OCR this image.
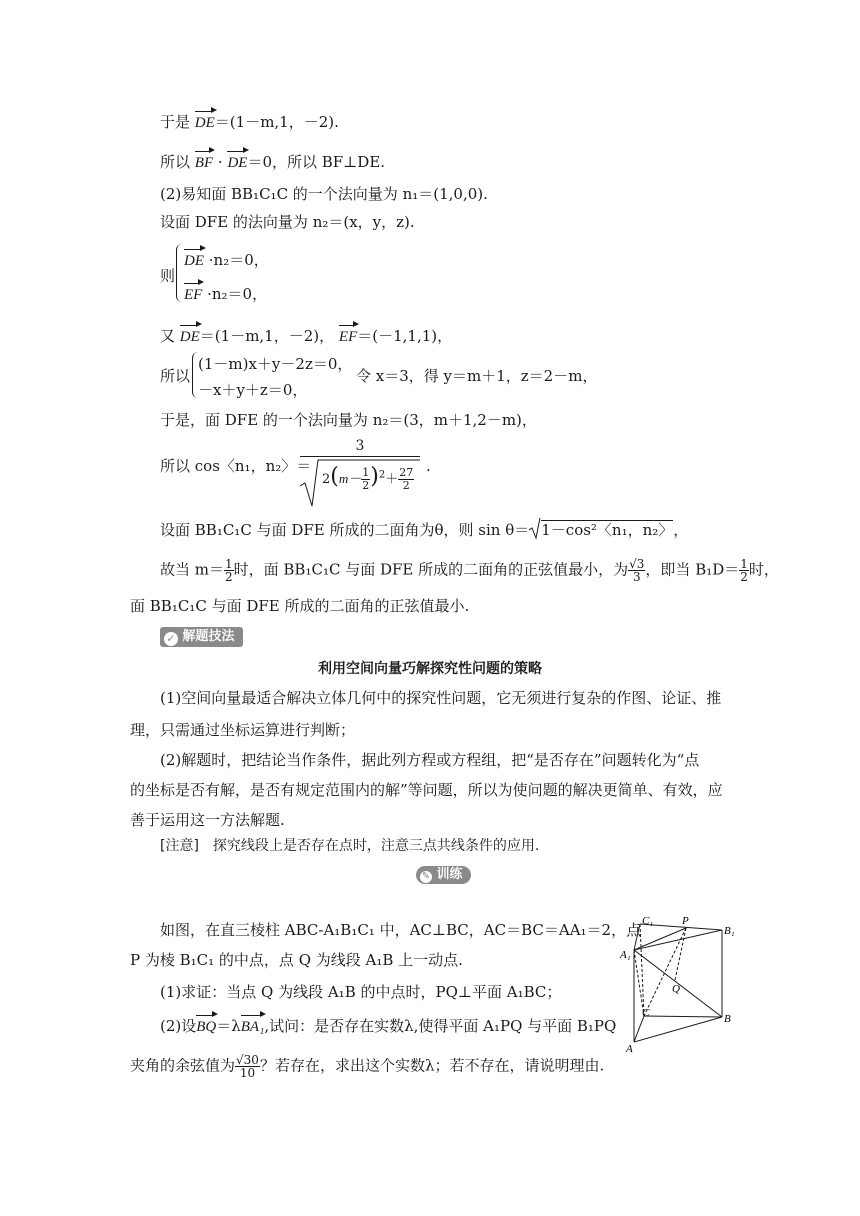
于是 DE＝(1－m,1，－2).
所以 BF · DE＝0，所以 BF⊥DE.
(2)易知面 BB₁C₁C 的一个法向量为 n₁＝(1,0,0).
设面 DFE 的法向量为 n₂＝(x，y，z).
则
DE ·n₂＝0，
EF ·n₂＝0，
又 DE＝(1－m,1，－2)， EF＝(－1,1,1)，
所以
(1－m)x＋y－2z＝0，
－x＋y＋z＝0，
令 x＝3，得 y＝m＋1，z＝2－m，
于是，面 DFE 的一个法向量为 n₂＝(3，m＋1,2－m)，
所以 cos〈n₁，n₂〉＝
3
$2(m- \frac{1}{2} )^2+ \frac{27}{2}$
.
设面 BB₁C₁C 与面 DFE 所成的二面角为θ，则 sin θ＝ 1－cos²〈n₁，n₂〉，
故当 $m= \frac{1}{2}$ 时，面 BB₁C₁C 与面 DFE 所成的二面角的正弦值最小，为 $\frac{√3}{3}$ ，即当 $B_1D= \frac{1}{2}$ 时，
面 BB₁C₁C 与面 DFE 所成的二面角的正弦值最小.
✓ 解题技法
利用空间向量巧解探究性问题的策略
(1)空间向量最适合解决立体几何中的探究性问题，它无须进行复杂的作图、论证、推
理，只需通过坐标运算进行判断；
(2)解题时，把结论当作条件，据此列方程或方程组，把“是否存在”问题转化为“点
的坐标是否有解，是否有规定范围内的解”等问题，所以为使问题的解决更简单、有效，应
善于运用这一方法解题.
[注意]　探究线段上是否存在点时，注意三点共线条件的应用.
✎ 训练
如图，在直三棱柱 ABC-A₁B₁C₁ 中，AC⊥BC，AC＝BC＝AA₁＝2，点
P 为棱 B₁C₁ 的中点，点 Q 为线段 A₁B 上一动点.
(1)求证：当点 Q 为线段 A₁B 的中点时，PQ⊥平面 A₁BC；
(2)设BQ＝λBA₁,试问：是否存在实数λ,使得平面 A₁PQ 与平面 B₁PQ
夹角的余弦值为 $\frac{√30}{10}$ ？若存在，求出这个实数λ；若不存在，请说明理由.
C₁	P
B₁
A₁
Q
C	B
A
